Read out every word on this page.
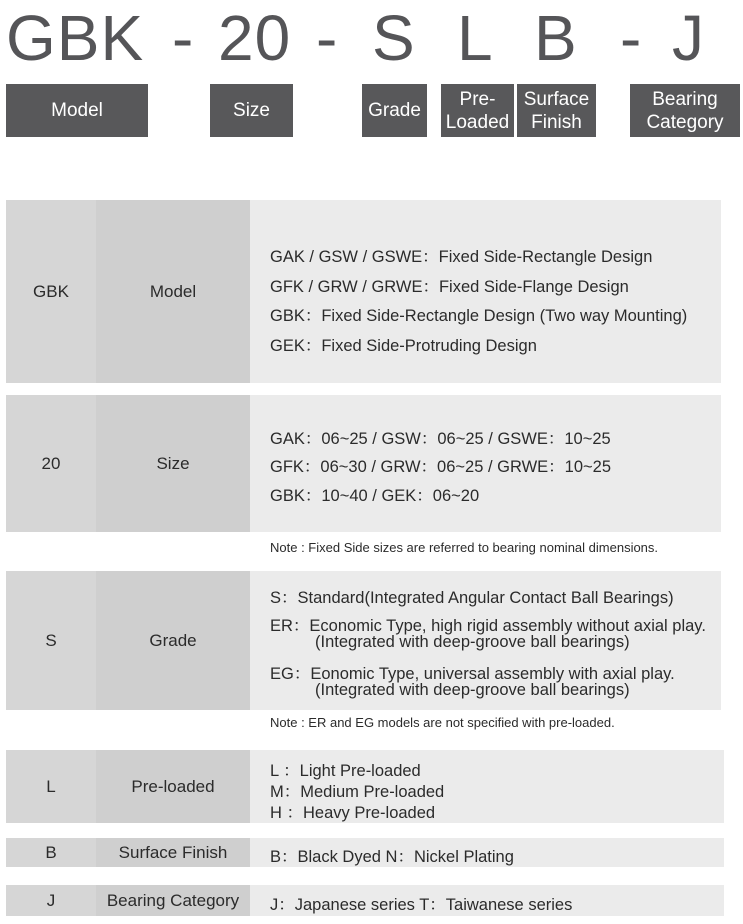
GBK - 20 - S L B - J
Model	Size	Grade
Pre-
Loaded
Surface
Finish
Bearing
Category
GBK	Model
GAK / GSW / GSWE：Fixed Side-Rectangle Design
GFK / GRW / GRWE：Fixed Side-Flange Design
GBK：Fixed Side-Rectangle Design (Two way Mounting)
GEK：Fixed Side-Protruding Design
20	Size
GAK：06~25 / GSW：06~25 / GSWE：10~25
GFK：06~30 / GRW：06~25 / GRWE：10~25
GBK：10~40 / GEK：06~20
Note : Fixed Side sizes are referred to bearing nominal dimensions.
S	Grade
S：Standard(Integrated Angular Contact Ball Bearings)
ER：Economic Type, high rigid assembly without axial play.
(Integrated with deep-groove ball bearings)
EG：Eonomic Type, universal assembly with axial play.
(Integrated with deep-groove ball bearings)
Note : ER and EG models are not specified with pre-loaded.
L	Pre-loaded
L ：Light Pre-loaded
M：Medium Pre-loaded
H ：Heavy Pre-loaded
B	Surface Finish	B：Black Dyed N：Nickel Plating
J	Bearing Category	J：Japanese series T：Taiwanese series
